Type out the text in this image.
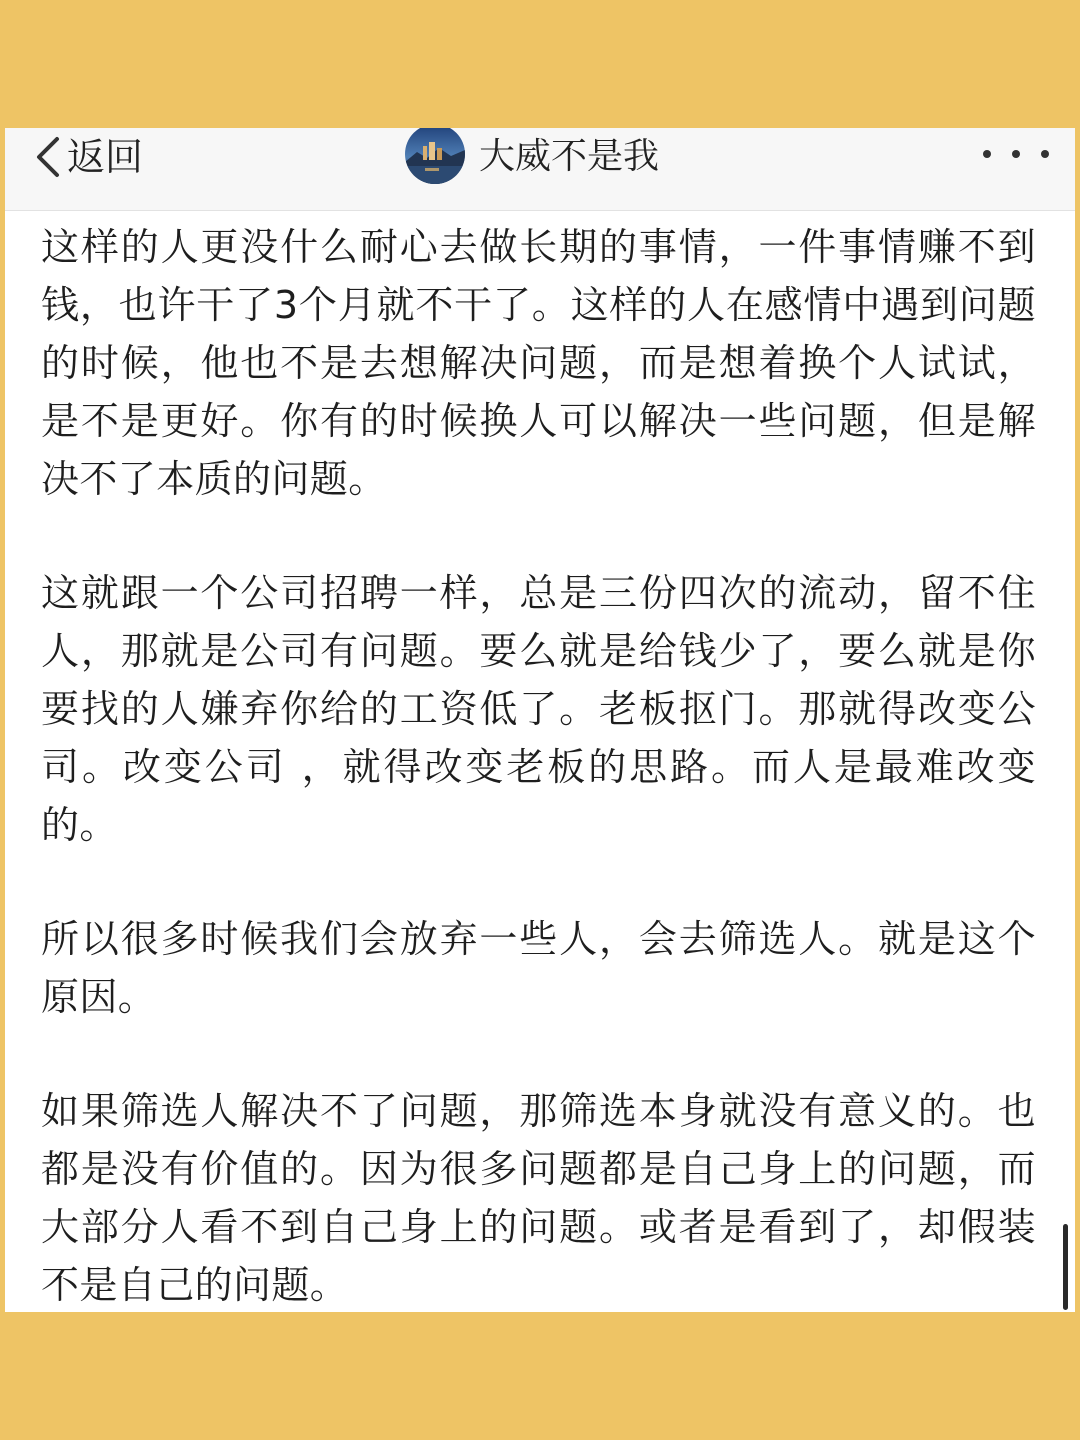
返回	大威不是我

这样的人更没什么耐心去做长期的事情，一件事情赚不到钱，也许干了3个月就不干了。这样的人在感情中遇到问题的时候，他也不是去想解决问题，而是想着换个人试试，是不是更好。你有的时候换人可以解决一些问题，但是解决不了本质的问题。

这就跟一个公司招聘一样，总是三份四次的流动，留不住人，那就是公司有问题。要么就是给钱少了，要么就是你要找的人嫌弃你给的工资低了。老板抠门。那就得改变公司。改变公司 ，就得改变老板的思路。而人是最难改变的。

所以很多时候我们会放弃一些人，会去筛选人。就是这个原因。

如果筛选人解决不了问题，那筛选本身就没有意义的。也都是没有价值的。因为很多问题都是自己身上的问题，而大部分人看不到自己身上的问题。或者是看到了，却假装不是自己的问题。
